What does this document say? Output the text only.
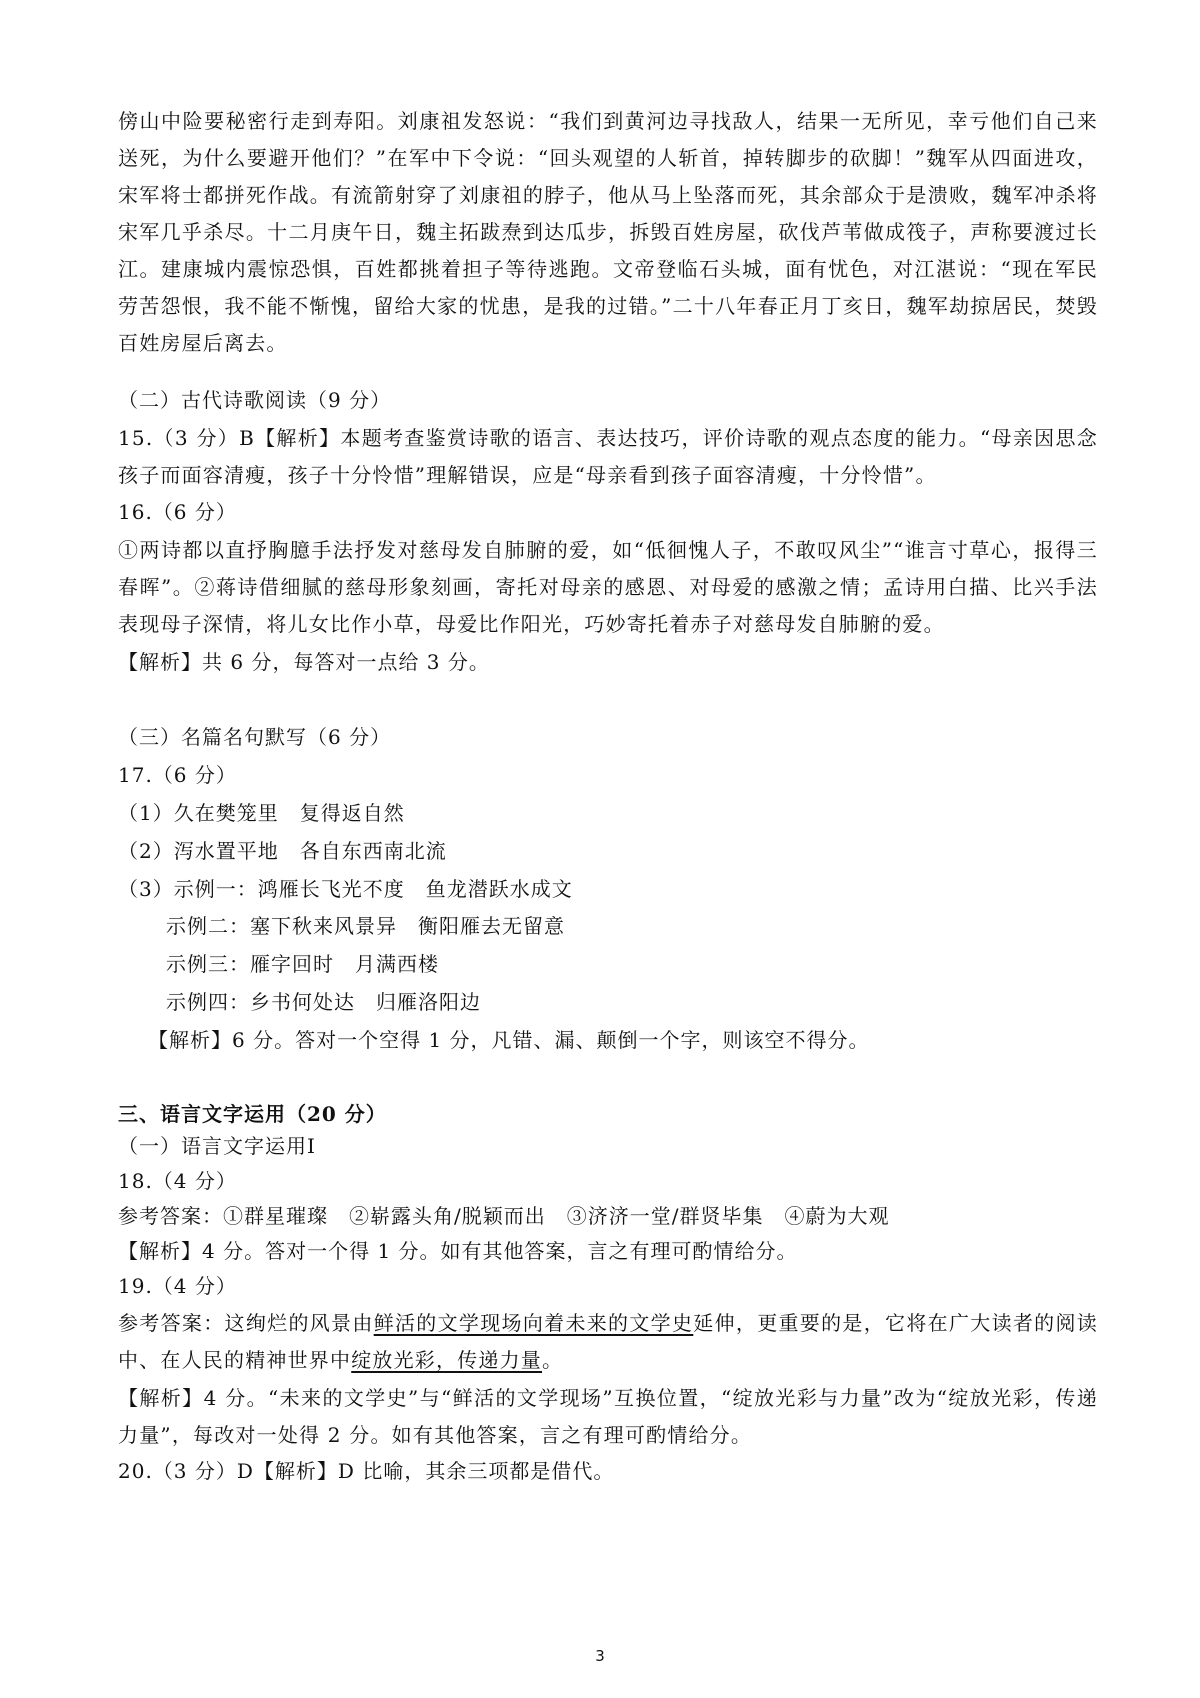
傍山中险要秘密行走到寿阳。刘康祖发怒说：“我们到黄河边寻找敌人，结果一无所见，幸亏他们自己来送死，为什么要避开他们？”在军中下令说：“回头观望的人斩首，掉转脚步的砍脚！”魏军从四面进攻，宋军将士都拼死作战。有流箭射穿了刘康祖的脖子，他从马上坠落而死，其余部众于是溃败，魏军冲杀将宋军几乎杀尽。十二月庚午日，魏主拓跋焘到达瓜步，拆毁百姓房屋，砍伐芦苇做成筏子，声称要渡过长江。建康城内震惊恐惧，百姓都挑着担子等待逃跑。文帝登临石头城，面有忧色，对江湛说：“现在军民劳苦怨恨，我不能不惭愧，留给大家的忧患，是我的过错。”二十八年春正月丁亥日，魏军劫掠居民，焚毁百姓房屋后离去。
（二）古代诗歌阅读（9 分）
15.（3 分）B【解析】本题考查鉴赏诗歌的语言、表达技巧，评价诗歌的观点态度的能力。“母亲因思念孩子而面容清瘦，孩子十分怜惜”理解错误，应是“母亲看到孩子面容清瘦，十分怜惜”。
16.（6 分）
①两诗都以直抒胸臆手法抒发对慈母发自肺腑的爱，如“低徊愧人子，不敢叹风尘”“谁言寸草心，报得三春晖”。②蒋诗借细腻的慈母形象刻画，寄托对母亲的感恩、对母爱的感激之情；孟诗用白描、比兴手法表现母子深情，将儿女比作小草，母爱比作阳光，巧妙寄托着赤子对慈母发自肺腑的爱。
【解析】共 6 分，每答对一点给 3 分。
（三）名篇名句默写（6 分）
17.（6 分）
（1）久在樊笼里　复得返自然
（2）泻水置平地　各自东西南北流
（3）示例一：鸿雁长飞光不度　鱼龙潜跃水成文
示例二：塞下秋来风景异　衡阳雁去无留意
示例三：雁字回时　月满西楼
示例四：乡书何处达　归雁洛阳边
【解析】6 分。答对一个空得 1 分，凡错、漏、颠倒一个字，则该空不得分。
三、语言文字运用（20 分）
（一）语言文字运用I
18.（4 分）
参考答案：①群星璀璨　②崭露头角/脱颖而出　③济济一堂/群贤毕集　④蔚为大观
【解析】4 分。答对一个得 1 分。如有其他答案，言之有理可酌情给分。
19.（4 分）
参考答案：这绚烂的风景由鲜活的文学现场向着未来的文学史延伸，更重要的是，它将在广大读者的阅读中、在人民的精神世界中绽放光彩，传递力量。
【解析】4 分。“未来的文学史”与“鲜活的文学现场”互换位置，“绽放光彩与力量”改为“绽放光彩，传递力量”，每改对一处得 2 分。如有其他答案，言之有理可酌情给分。
20.（3 分）D【解析】D 比喻，其余三项都是借代。
3
